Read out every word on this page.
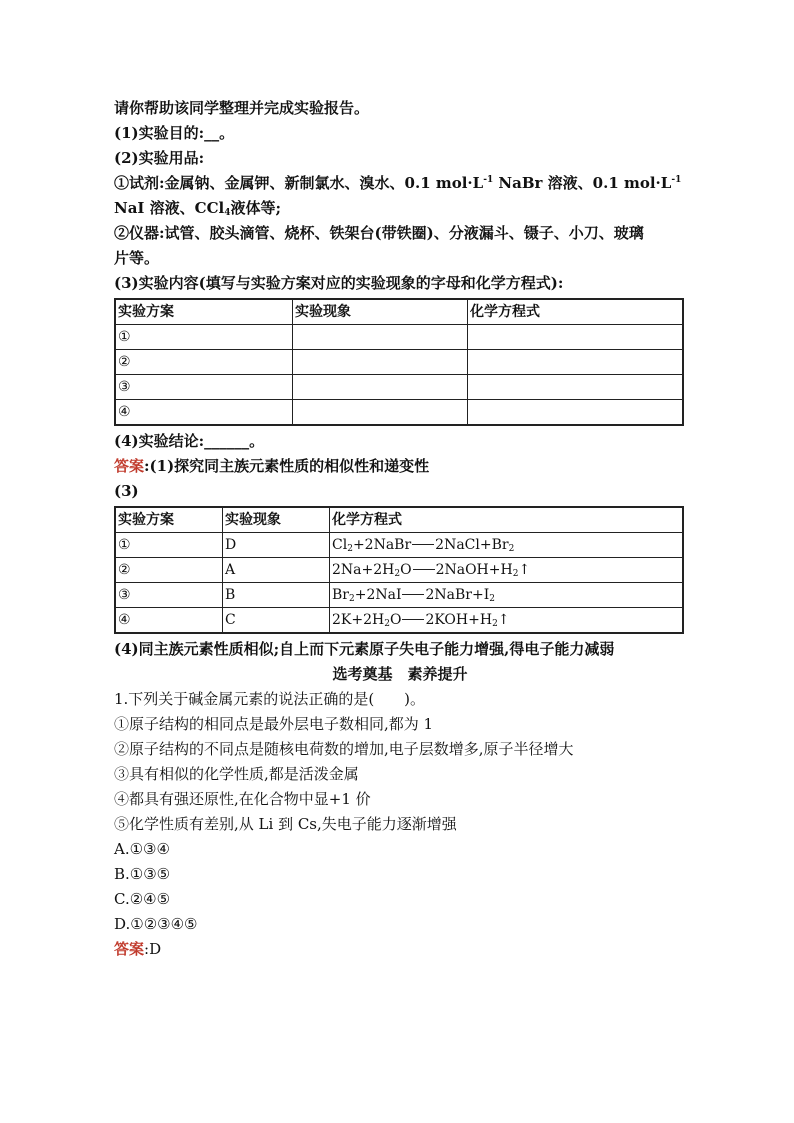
请你帮助该同学整理并完成实验报告。
(1)实验目的:__。
(2)实验用品:
①试剂:金属钠、金属钾、新制氯水、溴水、0.1 $mol\cdot L^{-1}$ NaBr 溶液、0.1 $mol\cdot L^{-1}$
NaI 溶液、CCl$_4$液体等;
②仪器:试管、胶头滴管、烧杯、铁架台(带铁圈)、分液漏斗、镊子、小刀、玻璃
片等。
(3)实验内容(填写与实验方案对应的实验现象的字母和化学方程式):
实验方案	实验现象	化学方程式
①		
②		
③		
④		
(4)实验结论:______。
答案:(1)探究同主族元素性质的相似性和递变性
(3)
实验方案	实验现象	化学方程式
①	D	$Cl_2+2NaBr$ $2NaCl+Br_2$
②	A	$2Na+2H_2O$ $2NaOH+H_2↑$
③	B	$Br_2+2NaI$ $2NaBr+I_2$
④	C	$2K+2H_2O$ $2KOH+H_2↑$
(4)同主族元素性质相似;自上而下元素原子失电子能力增强,得电子能力减弱
选考奠基　素养提升
1.下列关于碱金属元素的说法正确的是(　　)。
①原子结构的相同点是最外层电子数相同,都为 1
②原子结构的不同点是随核电荷数的增加,电子层数增多,原子半径增大
③具有相似的化学性质,都是活泼金属
④都具有强还原性,在化合物中显+1 价
⑤化学性质有差别,从 Li 到 Cs,失电子能力逐渐增强
A.①③④
B.①③⑤
C.②④⑤
D.①②③④⑤
答案:D
